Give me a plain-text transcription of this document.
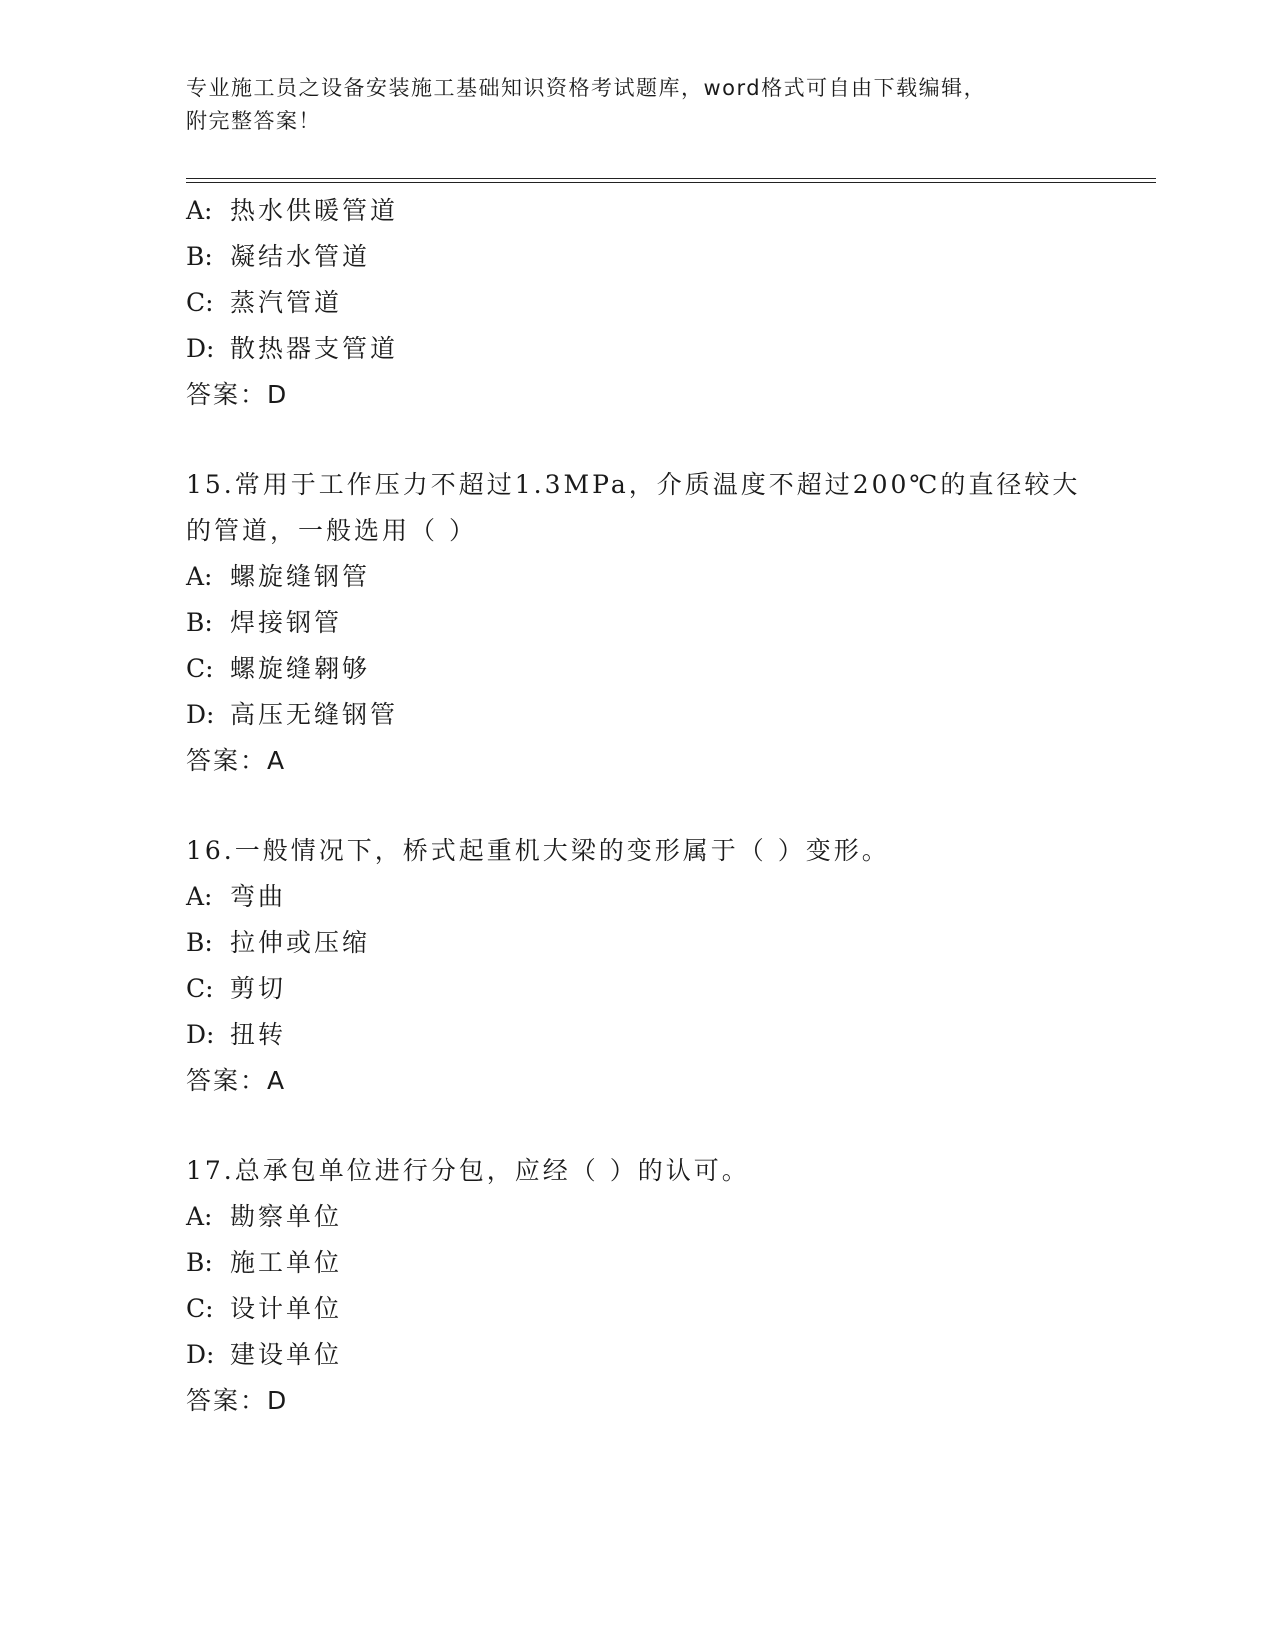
专业施工员之设备安装施工基础知识资格考试题库，word格式可自由下载编辑，
附完整答案！
A: 热水供暖管道
B: 凝结水管道
C: 蒸汽管道
D: 散热器支管道
答案：D
15.常用于工作压力不超过1.3MPa，介质温度不超过200℃的直径较大
的管道，一般选用（ ）
A: 螺旋缝钢管
B: 焊接钢管
C: 螺旋缝翱够
D: 高压无缝钢管
答案：A
16.一般情况下，桥式起重机大梁的变形属于（ ）变形。
A: 弯曲
B: 拉伸或压缩
C: 剪切
D: 扭转
答案：A
17.总承包单位进行分包，应经（ ）的认可。
A: 勘察单位
B: 施工单位
C: 设计单位
D: 建设单位
答案：D
